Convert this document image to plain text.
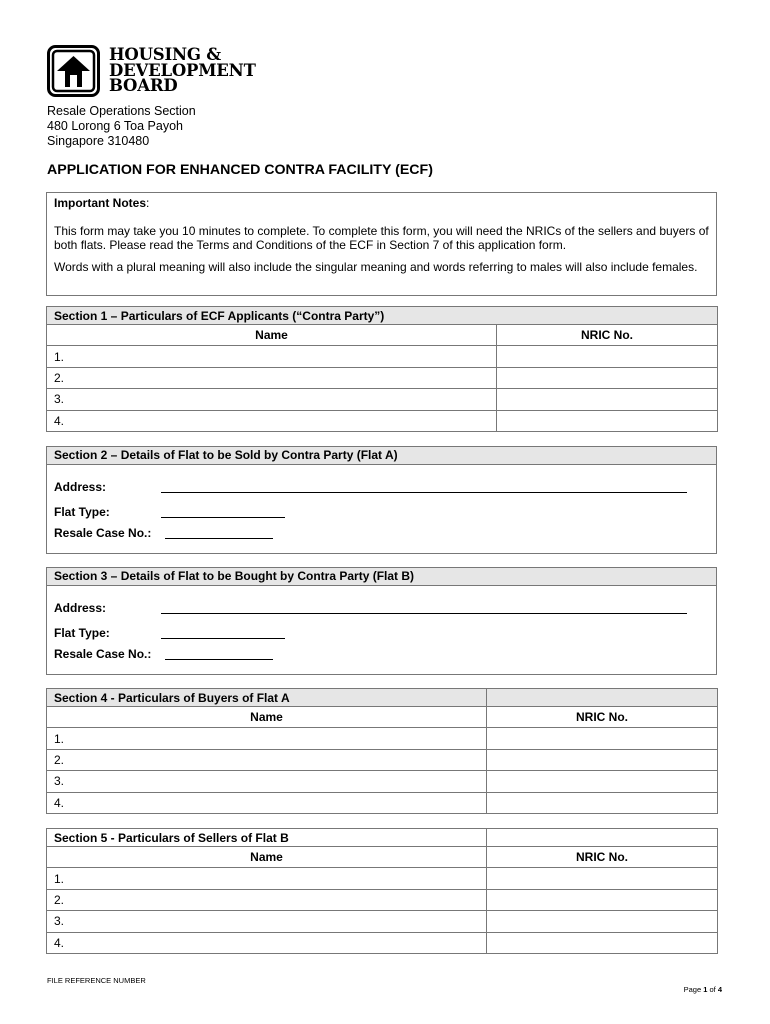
HOUSING &
DEVELOPMENT
BOARD
Resale Operations Section
480 Lorong 6 Toa Payoh
Singapore 310480
APPLICATION FOR ENHANCED CONTRA FACILITY (ECF)
Important Notes:

This form may take you 10 minutes to complete. To complete this form, you will need the NRICs of the sellers and buyers of both flats. Please read the Terms and Conditions of the ECF in Section 7 of this application form.

Words with a plural meaning will also include the singular meaning and words referring to males will also include females.

Section 1 – Particulars of ECF Applicants (“Contra Party”)	
Name	NRIC No.
1.	
2.	
3.	
4.	
Section 2 – Details of Flat to be Sold by Contra Party (Flat A)
Address:
Flat Type:
Resale Case No.:
Section 3 – Details of Flat to be Bought by Contra Party (Flat B)
Address:
Flat Type:
Resale Case No.:
Section 4 - Particulars of Buyers of Flat A	
Name	NRIC No.
1.	
2.	
3.	
4.	
Section 5 - Particulars of Sellers of Flat B	
Name	NRIC No.
1.	
2.	
3.	
4.	
FILE REFERENCE NUMBER
Page 1 of 4
